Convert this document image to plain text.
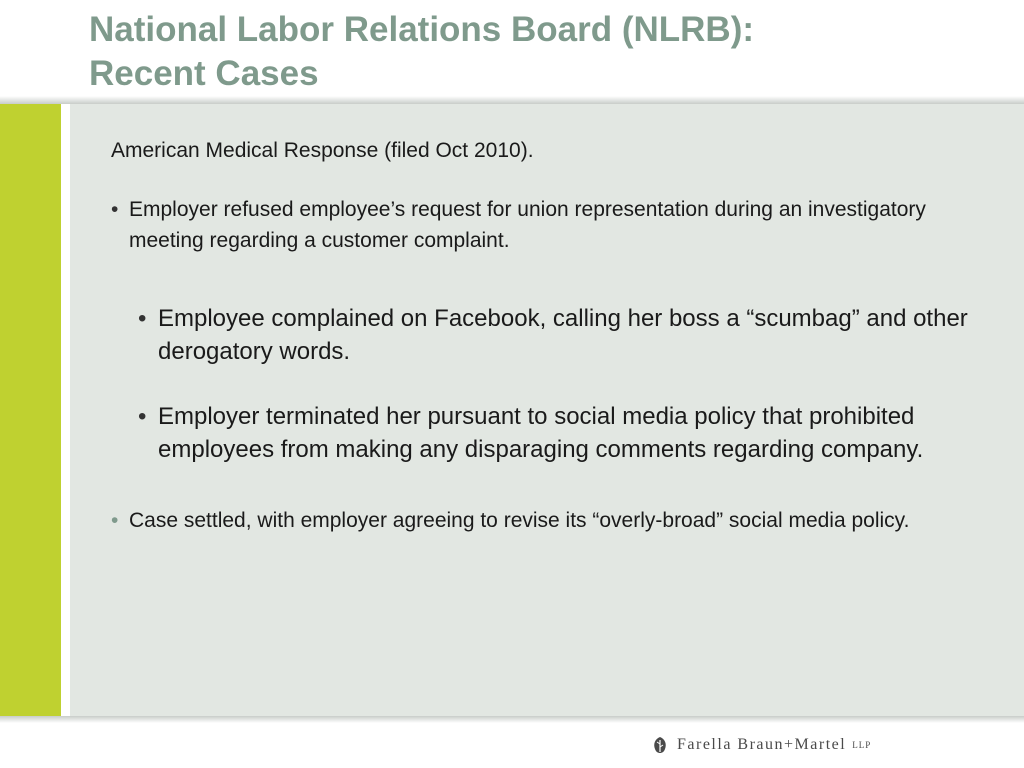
National Labor Relations Board (NLRB):
Recent Cases

American Medical Response (filed Oct 2010).

• Employer refused employee’s request for union representation during an investigatory meeting regarding a customer complaint.
• Employee complained on Facebook, calling her boss a “scumbag” and other derogatory words.
• Employer terminated her pursuant to social media policy that prohibited employees from making any disparaging comments regarding company.
• Case settled, with employer agreeing to revise its “overly-broad” social media policy.
Farella Braun+Martel LLP
